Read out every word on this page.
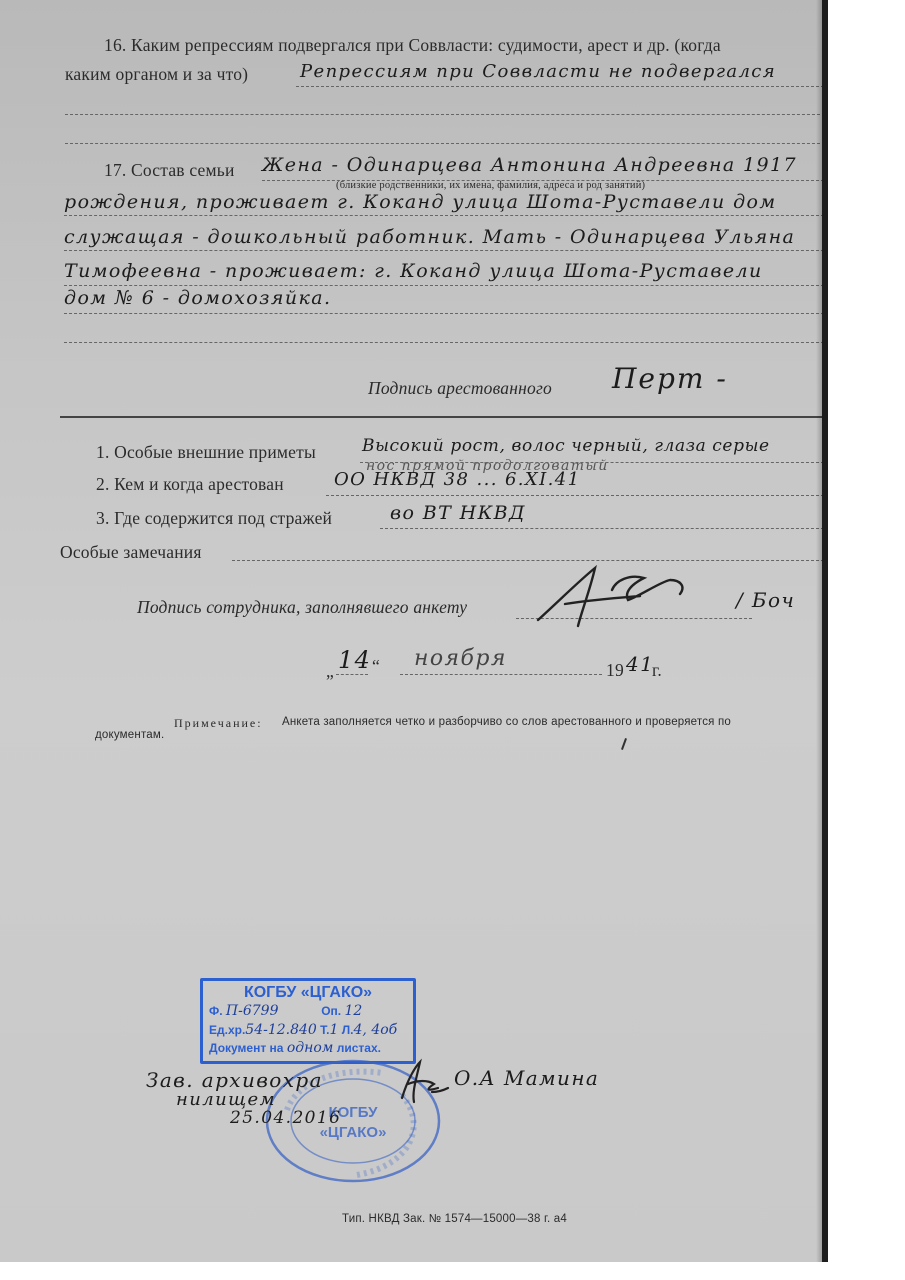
16. Каким репрессиям подвергался при Соввласти: судимости, арест и др. (когда
каким органом и за что)	Репрессиям при Соввласти не подвергался
17. Состав семьи Жена - Одинарцева Антонина Андреевна 1917
(близкие родственники, их имена, фамилия, адреса и род занятий)
рождения, проживает г. Коканд улица Шота-Руставели дом
служащая - дошкольный работник. Мать - Одинарцева Ульяна
Тимофеевна - проживает: г. Коканд улица Шота-Руставели
дом № 6 - домохозяйка.
Подпись арестованного Перт -
1. Особые внешние приметы	Высокий рост, волос черный, глаза серые
нос прямой продолговатый
2. Кем и когда арестован	ОО НКВД 38 ... 6.XI.41
3. Где содержится под стражей	во ВТ НКВД
Особые замечания
Подпись сотрудника, заполнявшего анкету	/ Боч
„ 14 “ ноября	19 41
г.
Примечание: Анкета заполняется четко и разборчиво со слов арестованного и проверяется по
документам.
КОГБУ «ЦГАКО»
Ф. П-6799	Оп. 12
Ед.хр.54-12.840 Т.1 Л.4, 4об
Документ на одном листах.
КОГБУ
«ЦГАКО»
Зав. архивохра
нилищем
25.04.2016
О.А Мамина
Тип. НКВД Зак. № 1574—15000—38 г. а4
